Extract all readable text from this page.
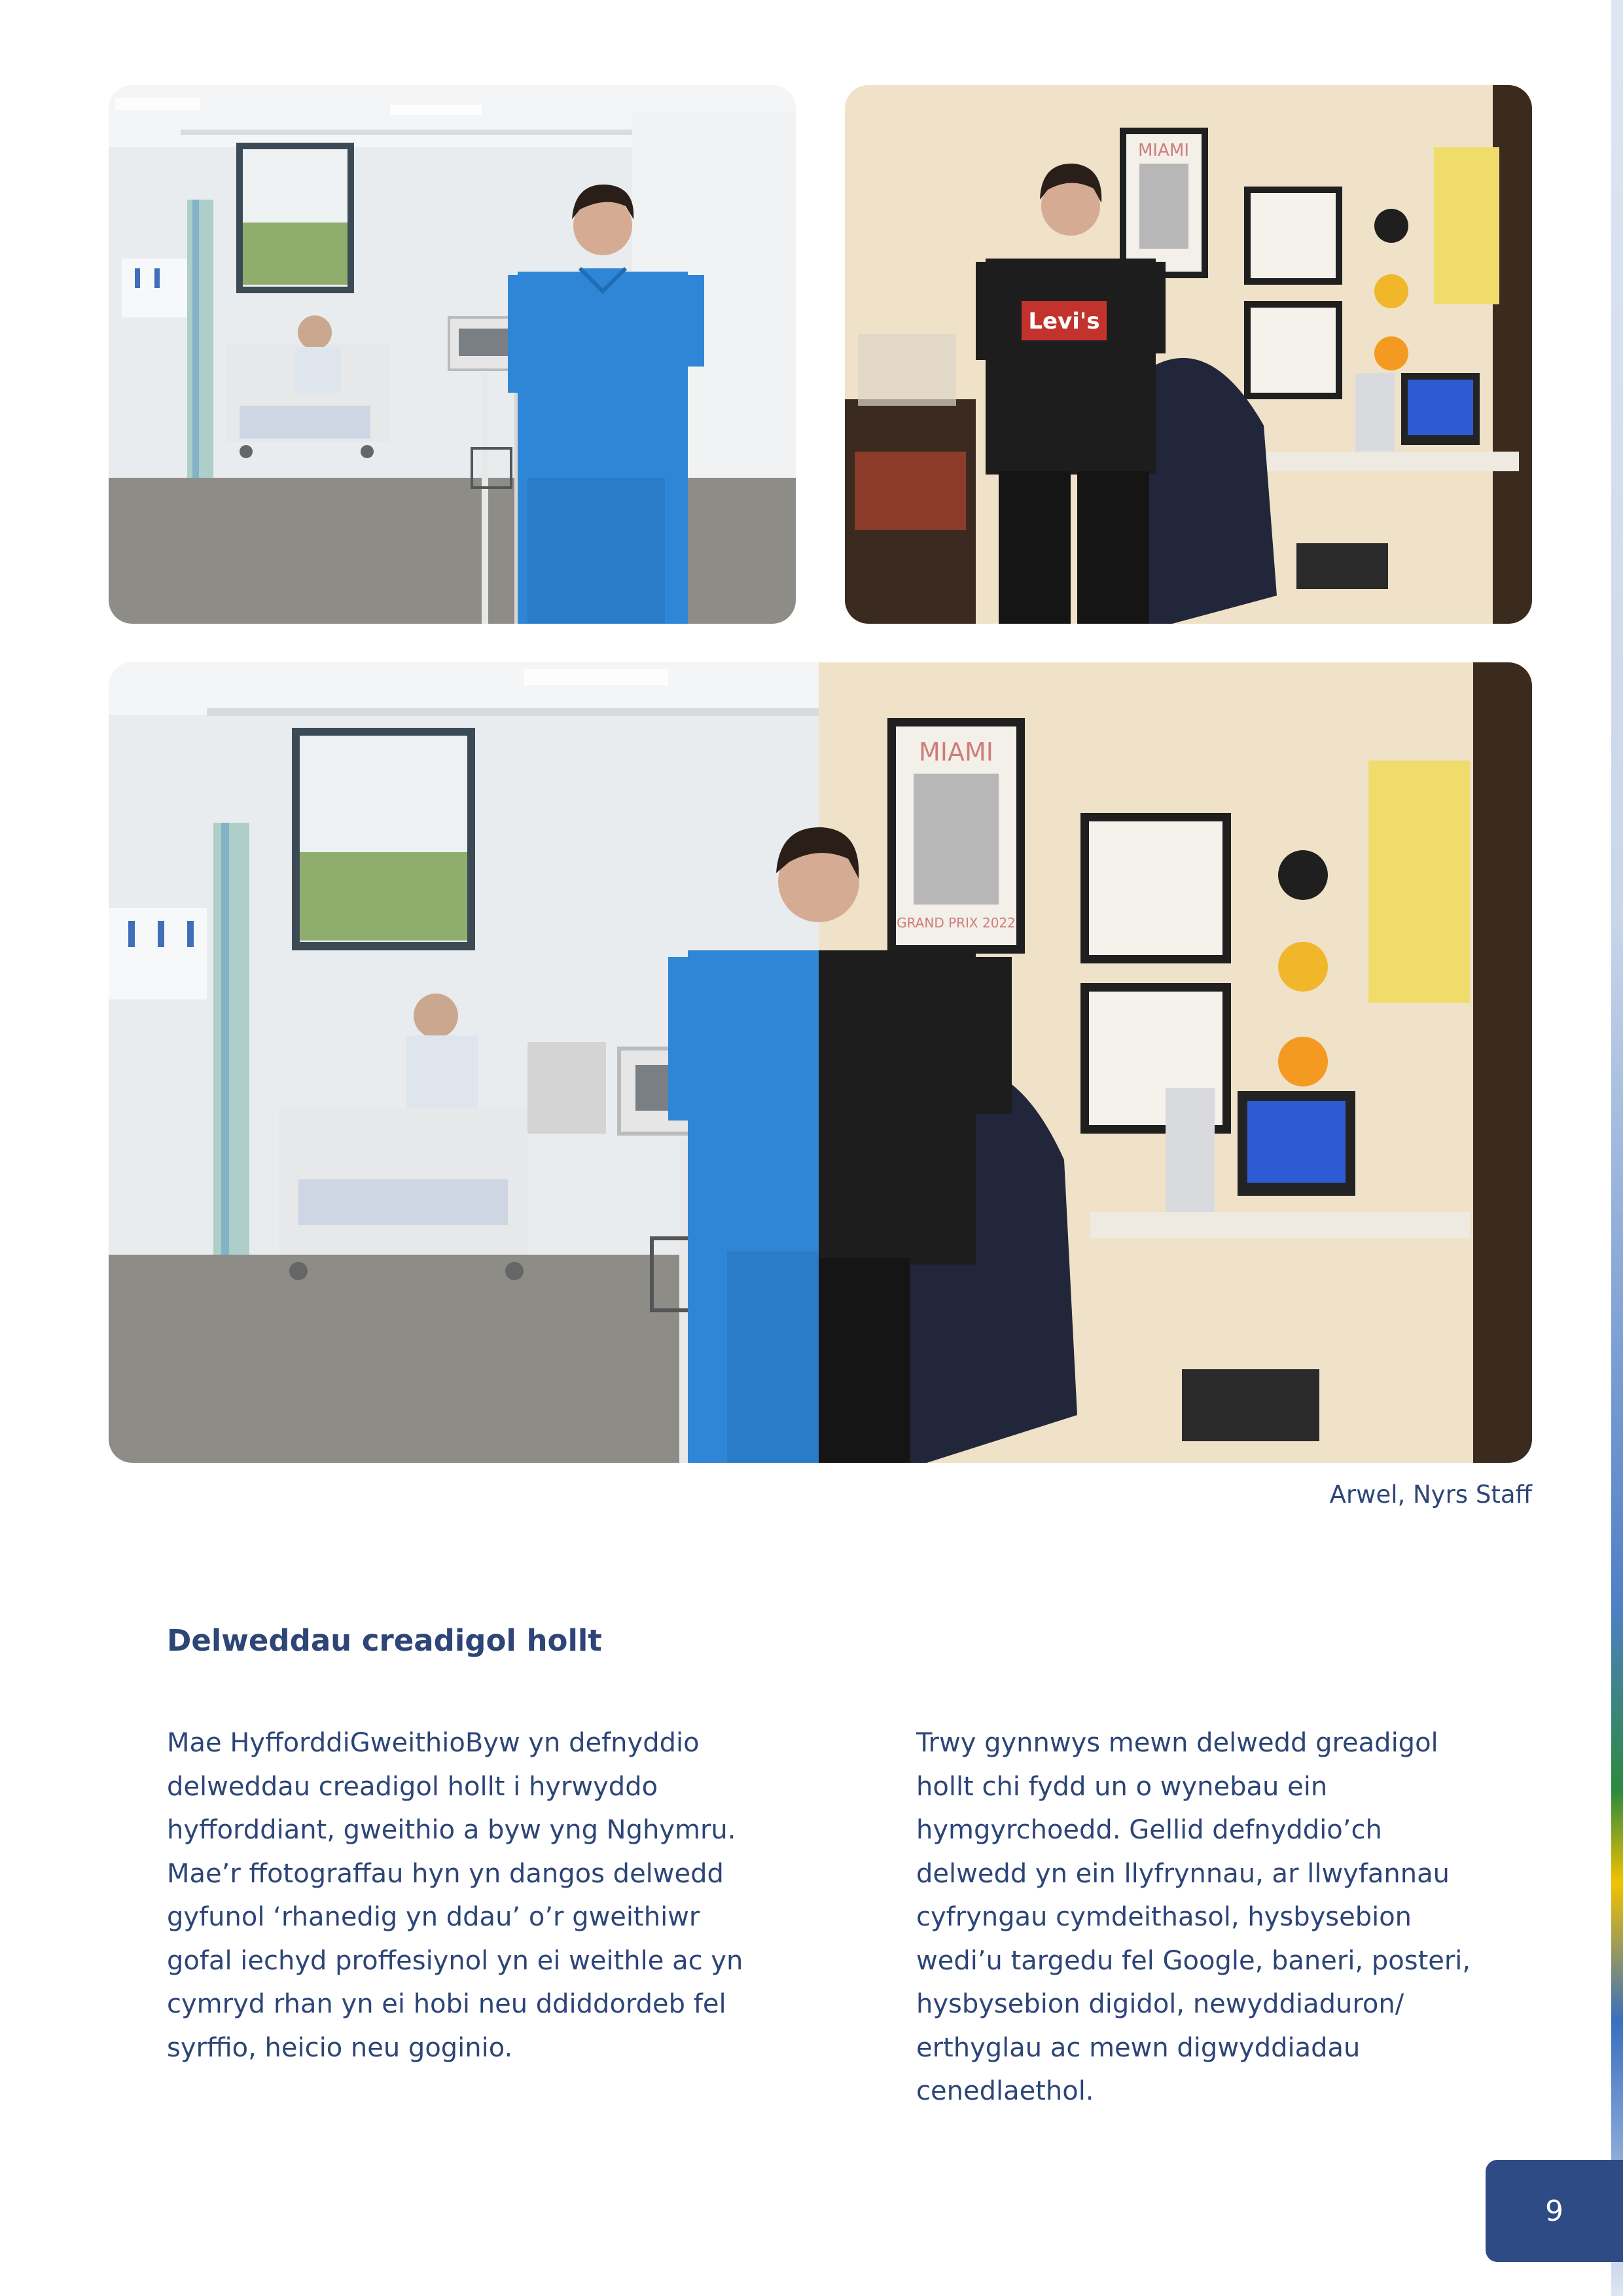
MIAMI
Levi's
MIAMI
GRAND PRIX 2022
Arwel, Nyrs Staff
Delweddau creadigol hollt
Mae HyfforddiGweithioByw yn defnyddio
delweddau creadigol hollt i hyrwyddo
hyfforddiant, gweithio a byw yng Nghymru.
Mae’r ffotograffau hyn yn dangos delwedd
gyfunol ‘rhanedig yn ddau’ o’r gweithiwr
gofal iechyd proffesiynol yn ei weithle ac yn
cymryd rhan yn ei hobi neu ddiddordeb fel
syrffio, heicio neu goginio.
Trwy gynnwys mewn delwedd greadigol
hollt chi fydd un o wynebau ein
hymgyrchoedd. Gellid defnyddio’ch
delwedd yn ein llyfrynnau, ar llwyfannau
cyfryngau cymdeithasol, hysbysebion
wedi’u targedu fel Google, baneri, posteri,
hysbysebion digidol, newyddiaduron/
erthyglau ac mewn digwyddiadau
cenedlaethol.
9
